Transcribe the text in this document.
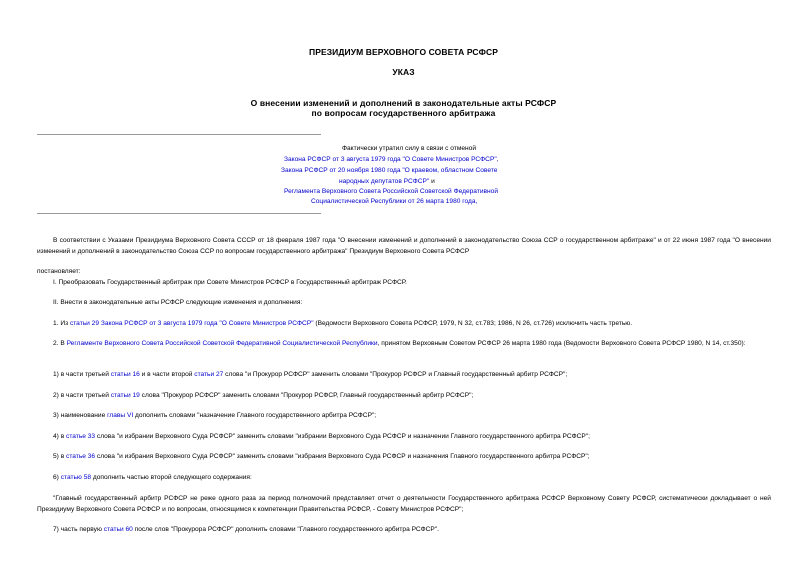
ПРЕЗИДИУМ ВЕРХОВНОГО СОВЕТА РСФСР
УКАЗ
О внесении изменений и дополнений в законодательные акты РСФСР
по вопросам государственного арбитража
Фактически утратил силу в связи с отменой
Закона РСФСР от 3 августа 1979 года "О Совете Министров РСФСР",
Закона РСФСР от 20 ноября 1980 года "О краевом, областном Совете
народных депутатов РСФСР" и
Регламента Верховного Совета Российской Советской Федеративной
Социалистической Республики от 26 марта 1980 года,
В соответствии с Указами Президиума Верховного Совета СССР от 18 февраля 1987 года "О внесении изменений и дополнений в законодательство Союза ССР о государственном арбитраже" и от 22 июня 1987 года "О внесении изменений и дополнений в законодательство Союза ССР по вопросам государственного арбитража" Президиум Верховного Совета РСФСР
постановляет:
I. Преобразовать Государственный арбитраж при Совете Министров РСФСР в Государственный арбитраж РСФСР.
II. Внести в законодательные акты РСФСР следующие изменения и дополнения:
1. Из статьи 29 Закона РСФСР от 3 августа 1979 года "О Совете Министров РСФСР" (Ведомости Верховного Совета РСФСР, 1979, N 32, ст.783; 1986, N 26, ст.726) исключить часть третью.
2. В Регламенте Верховного Совета Российской Советской Федеративной Социалистической Республики, принятом Верховным Советом РСФСР 26 марта 1980 года (Ведомости Верховного Совета РСФСР 1980, N 14, ст.350):
1) в части третьей статьи 16 и в части второй статьи 27 слова "и Прокурор РСФСР" заменить словами "Прокурор РСФСР и Главный государственный арбитр РСФСР";
2) в части третьей статьи 19 слова "Прокурор РСФСР" заменить словами "Прокурор РСФСР, Главный государственный арбитр РСФСР";
3) наименование главы VI дополнить словами "назначение Главного государственного арбитра РСФСР";
4) в статье 33 слова "и избрании Верховного Суда РСФСР" заменить словами "избрании Верховного Суда РСФСР и назначении Главного государственного арбитра РСФСР";
5) в статье 36 слова "и избрания Верховного Суда РСФСР" заменить словами "избрания Верховного Суда РСФСР и назначения Главного государственного арбитра РСФСР";
6) статью 58 дополнить частью второй следующего содержания:
"Главный государственный арбитр РСФСР не реже одного раза за период полномочий представляет отчет о деятельности Государственного арбитража РСФСР Верховному Совету РСФСР, систематически докладывает о ней Президиуму Верховного Совета РСФСР и по вопросам, относящимся к компетенции Правительства РСФСР, - Совету Министров РСФСР";
7) часть первую статьи 60 после слов "Прокурора РСФСР" дополнить словами "Главного государственного арбитра РСФСР".
